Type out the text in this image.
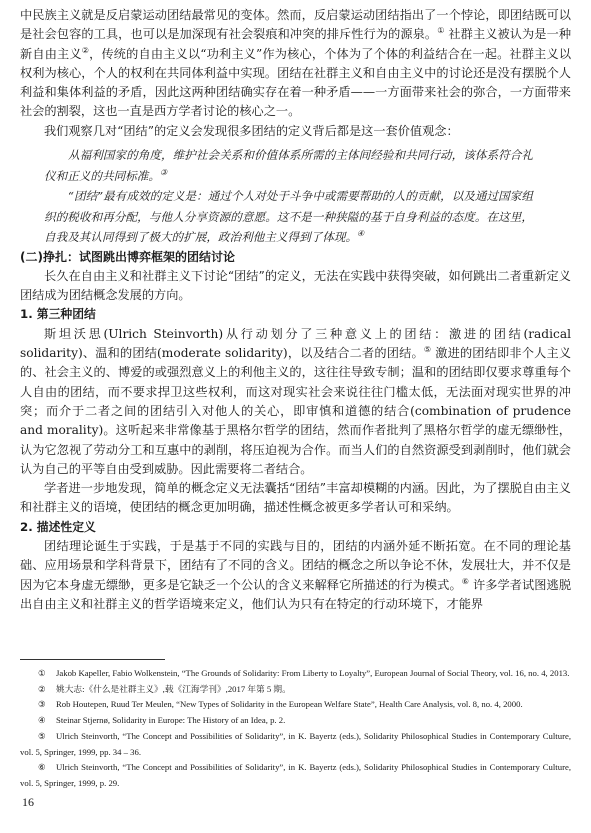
中民族主义就是反启蒙运动团结最常见的变体。然而，反启蒙运动团结指出了一个悖论，即团结既可以是社会包容的工具，也可以是加深现有社会裂痕和冲突的排斥性行为的源泉。① 社群主义被认为是一种新自由主义②，传统的自由主义以“功利主义”作为核心，个体为了个体的利益结合在一起。社群主义以权利为核心，个人的权利在共同体利益中实现。团结在社群主义和自由主义中的讨论还是没有摆脱个人利益和集体利益的矛盾，因此这两种团结确实存在着一种矛盾——一方面带来社会的弥合，一方面带来社会的割裂，这也一直是西方学者讨论的核心之一。

我们观察几对“团结”的定义会发现很多团结的定义背后都是这一套价值观念：

从福利国家的角度，维护社会关系和价值体系所需的主体间经验和共同行动，该体系符合礼仪和正义的共同标准。③

“团结”最有成效的定义是：通过个人对处于斗争中或需要帮助的人的贡献，以及通过国家组织的税收和再分配，与他人分享资源的意愿。这不是一种狭隘的基于自身利益的态度。在这里，自我及其认同得到了极大的扩展，政治利他主义得到了体现。④

(二)挣扎：试图跳出博弈框架的团结讨论

长久在自由主义和社群主义下讨论“团结”的定义，无法在实践中获得突破，如何跳出二者重新定义团结成为团结概念发展的方向。

1. 第三种团结

斯坦沃思(Ulrich Steinvorth)从行动划分了三种意义上的团结：激进的团结(radical solidarity)、温和的团结(moderate solidarity)，以及结合二者的团结。⑤ 激进的团结即非个人主义的、社会主义的、博爱的或强烈意义上的利他主义的，这往往导致专制；温和的团结即仅要求尊重每个人自由的团结，而不要求捍卫这些权利，而这对现实社会来说往往门槛太低，无法面对现实世界的冲突；而介于二者之间的团结引入对他人的关心，即审慎和道德的结合(combination of prudence and morality)。这听起来非常像基于黑格尔哲学的团结，然而作者批判了黑格尔哲学的虚无缥缈性，认为它忽视了劳动分工和互惠中的剥削，将压迫视为合作。而当人们的自然资源受到剥削时，他们就会认为自己的平等自由受到威胁。因此需要将二者结合。

学者进一步地发现，简单的概念定义无法囊括“团结”丰富却模糊的内涵。因此，为了摆脱自由主义和社群主义的语境，使团结的概念更加明确，描述性概念被更多学者认可和采纳。

2. 描述性定义

团结理论诞生于实践，于是基于不同的实践与目的，团结的内涵外延不断拓宽。在不同的理论基础、应用场景和学科背景下，团结有了不同的含义。团结的概念之所以争论不休，发展壮大，并不仅是因为它本身虚无缥缈，更多是它缺乏一个公认的含义来解释它所描述的行为模式。⑥ 许多学者试图逃脱出自由主义和社群主义的哲学语境来定义，他们认为只有在特定的行动环境下，才能界

① Jakob Kapeller, Fabio Wolkenstein, “The Grounds of Solidarity: From Liberty to Loyalty”, European Journal of Social Theory, vol. 16, no. 4, 2013.

② 姚大志:《什么是社群主义》,载《江海学刊》,2017 年第 5 期。

③ Rob Houtepen, Ruud Ter Meulen, “New Types of Solidarity in the European Welfare State”, Health Care Analysis, vol. 8, no. 4, 2000.

④ Steinar Stjernø, Solidarity in Europe: The History of an Idea, p. 2.

⑤ Ulrich Steinvorth, “The Concept and Possibilities of Solidarity”, in K. Bayertz (eds.), Solidarity Philosophical Studies in Contemporary Culture, vol. 5, Springer, 1999, pp. 34 – 36.

⑥ Ulrich Steinvorth, “The Concept and Possibilities of Solidarity”, in K. Bayertz (eds.), Solidarity Philosophical Studies in Contemporary Culture, vol. 5, Springer, 1999, p. 29.

16
